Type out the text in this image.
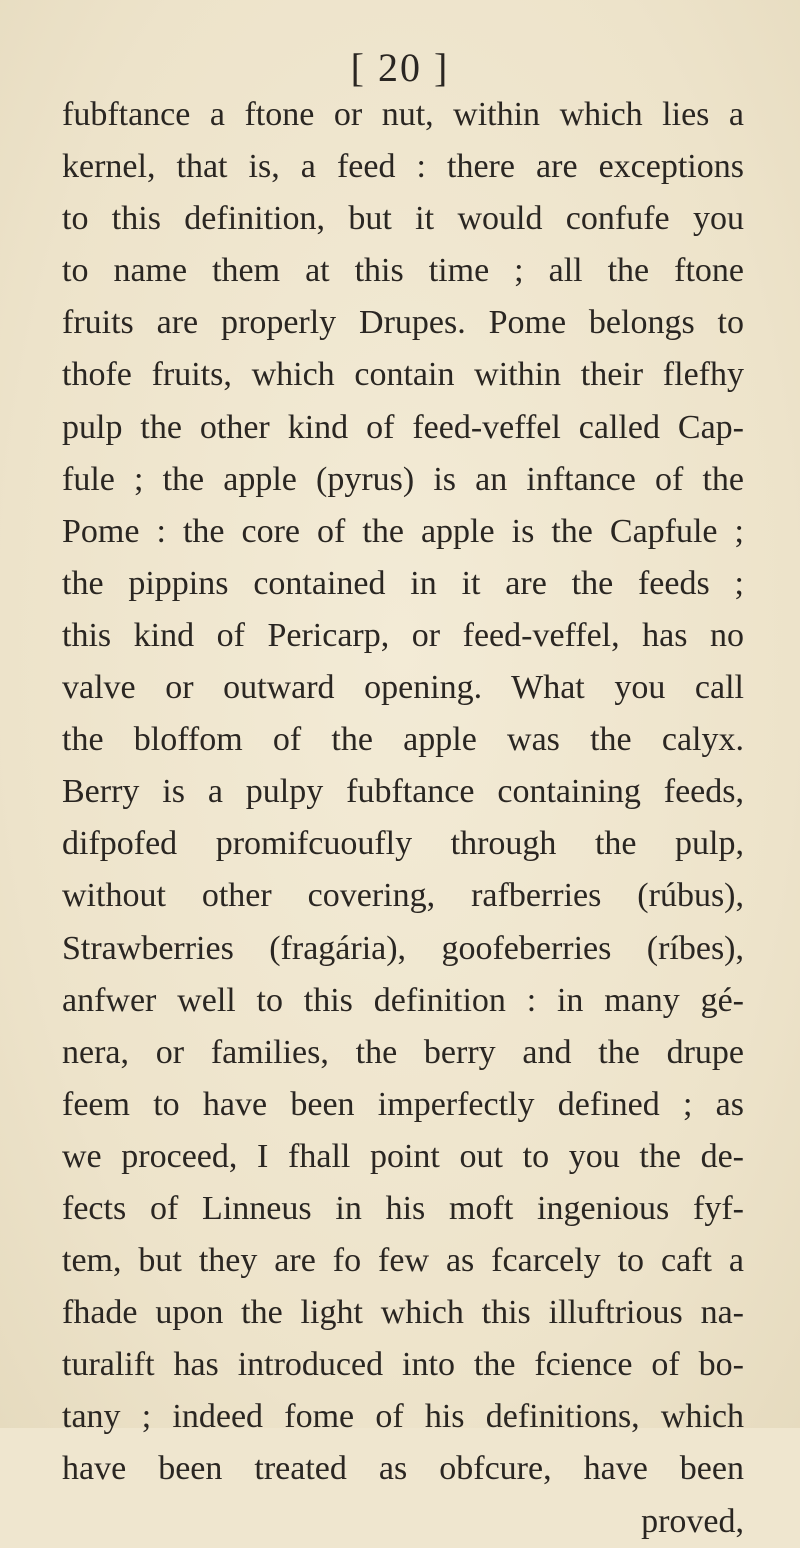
[ 20 ]
fubftance a ftone or nut, within which lies a
kernel, that is, a feed : there are exceptions
to this definition, but it would confufe you
to name them at this time ; all the ftone
fruits are properly Drupes. Pome belongs to
thofe fruits, which contain within their flefhy
pulp the other kind of feed-veffel called Cap-
fule ; the apple (pyrus) is an inftance of the
Pome : the core of the apple is the Capfule ;
the pippins contained in it are the feeds ;
this kind of Pericarp, or feed-veffel, has no
valve or outward opening. What you call
the bloffom of the apple was the calyx.
Berry is a pulpy fubftance containing feeds,
difpofed promifcuoufly through the pulp,
without other covering, rafberries (rúbus),
Strawberries (fragária), goofeberries (ríbes),
anfwer well to this definition : in many gé-
nera, or families, the berry and the drupe
feem to have been imperfectly defined ; as
we proceed, I fhall point out to you the de-
fects of Linneus in his moft ingenious fyf-
tem, but they are fo few as fcarcely to caft a
fhade upon the light which this illuftrious na-
turalift has introduced into the fcience of bo-
tany ; indeed fome of his definitions, which
have been treated as obfcure, have been
proved,
